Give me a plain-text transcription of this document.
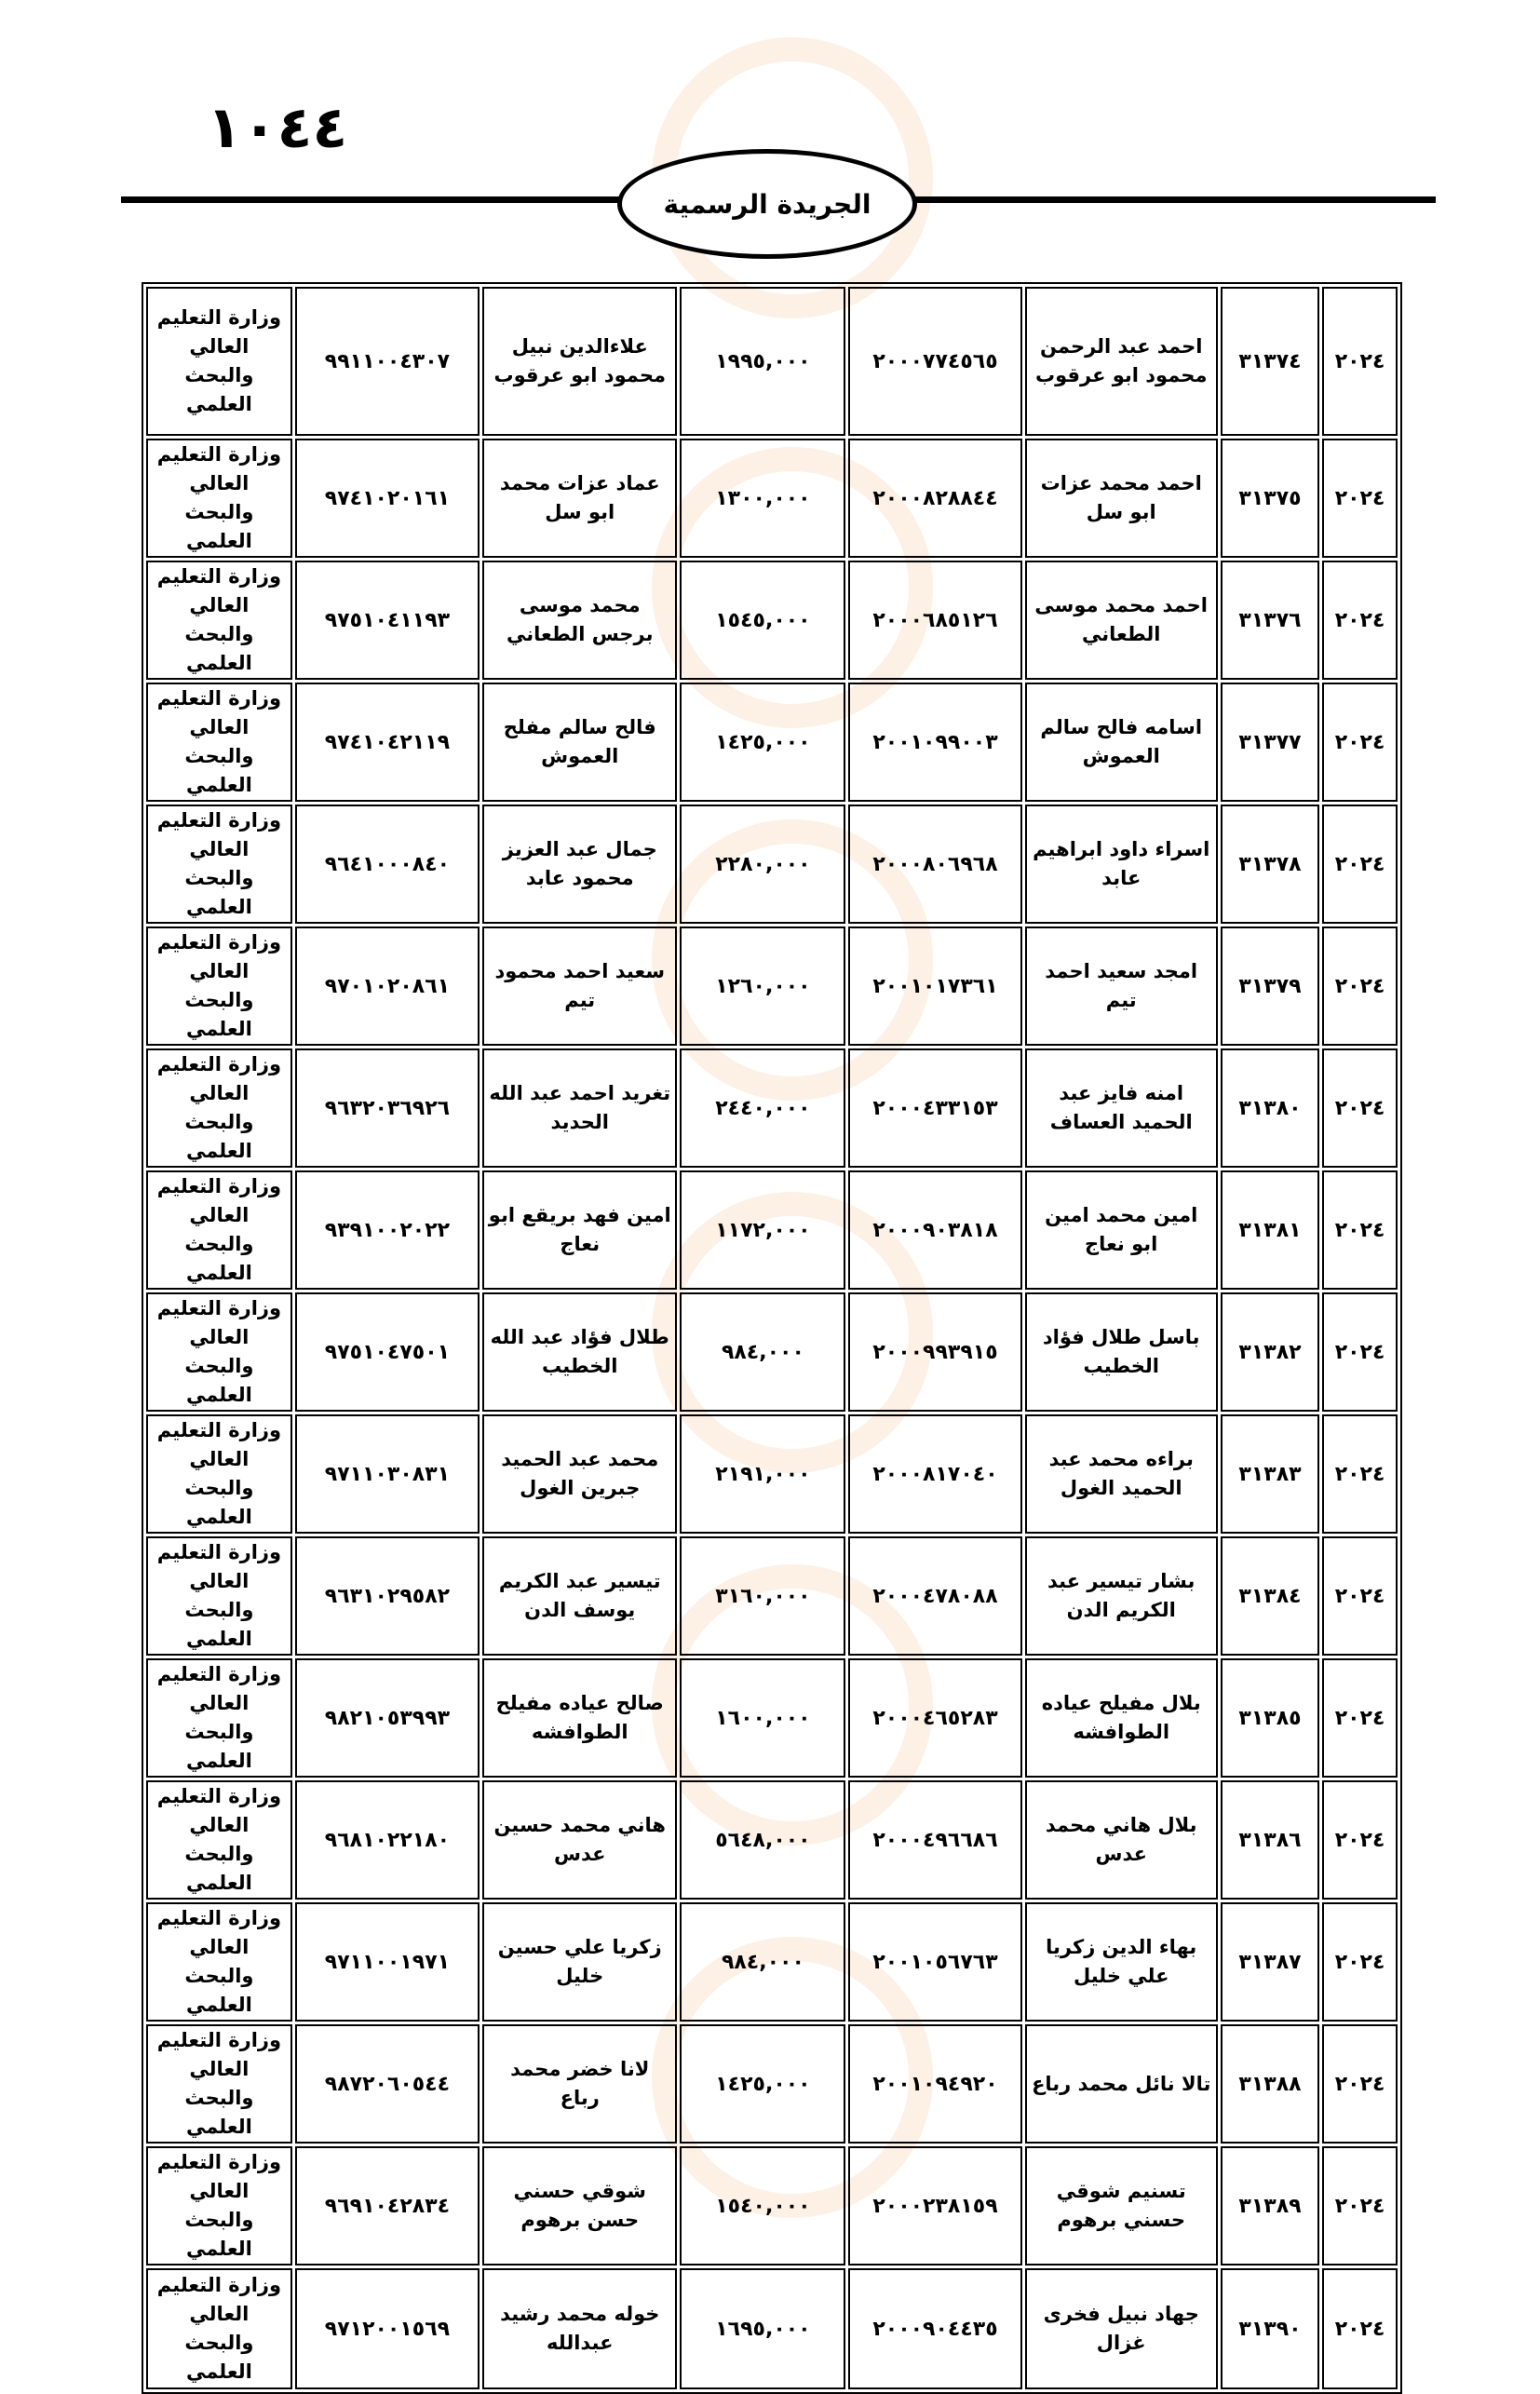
١٠٤٤
الجريدة الرسمية
٢٠٢٤	٣١٣٧٤	احمد عبد الرحمن محمود ابو عرقوب	٢٠٠٠٧٧٤٥٦٥	١٩٩٥,٠٠٠	علاءالدين نبيل محمود ابو عرقوب	٩٩١١٠٠٤٣٠٧	وزارة التعليم العالي والبحث العلمي
٢٠٢٤	٣١٣٧٥	احمد محمد عزات ابو سل	٢٠٠٠٨٢٨٨٤٤	١٣٠٠,٠٠٠	عماد عزات محمد ابو سل	٩٧٤١٠٢٠١٦١	وزارة التعليم العالي والبحث العلمي
٢٠٢٤	٣١٣٧٦	احمد محمد موسى الطعاني	٢٠٠٠٦٨٥١٢٦	١٥٤٥,٠٠٠	محمد موسى برجس الطعاني	٩٧٥١٠٤١١٩٣	وزارة التعليم العالي والبحث العلمي
٢٠٢٤	٣١٣٧٧	اسامه فالح سالم العموش	٢٠٠١٠٩٩٠٠٣	١٤٢٥,٠٠٠	فالح سالم مفلح العموش	٩٧٤١٠٤٢١١٩	وزارة التعليم العالي والبحث العلمي
٢٠٢٤	٣١٣٧٨	اسراء داود ابراهيم عابد	٢٠٠٠٨٠٦٩٦٨	٢٢٨٠,٠٠٠	جمال عبد العزيز محمود عابد	٩٦٤١٠٠٠٨٤٠	وزارة التعليم العالي والبحث العلمي
٢٠٢٤	٣١٣٧٩	امجد سعيد احمد تيم	٢٠٠١٠١٧٣٦١	١٢٦٠,٠٠٠	سعيد احمد محمود تيم	٩٧٠١٠٢٠٨٦١	وزارة التعليم العالي والبحث العلمي
٢٠٢٤	٣١٣٨٠	امنه فايز عبد الحميد العساف	٢٠٠٠٤٣٣١٥٣	٢٤٤٠,٠٠٠	تغريد احمد عبد الله الحديد	٩٦٣٢٠٣٦٩٢٦	وزارة التعليم العالي والبحث العلمي
٢٠٢٤	٣١٣٨١	امين محمد امين ابو نعاج	٢٠٠٠٩٠٣٨١٨	١١٧٢,٠٠٠	امين فهد بريقع ابو نعاج	٩٣٩١٠٠٢٠٢٢	وزارة التعليم العالي والبحث العلمي
٢٠٢٤	٣١٣٨٢	باسل طلال فؤاد الخطيب	٢٠٠٠٩٩٣٩١٥	٩٨٤,٠٠٠	طلال فؤاد عبد الله الخطيب	٩٧٥١٠٤٧٥٠١	وزارة التعليم العالي والبحث العلمي
٢٠٢٤	٣١٣٨٣	براءه محمد عبد الحميد الغول	٢٠٠٠٨١٧٠٤٠	٢١٩١,٠٠٠	محمد عبد الحميد جبرين الغول	٩٧١١٠٣٠٨٣١	وزارة التعليم العالي والبحث العلمي
٢٠٢٤	٣١٣٨٤	بشار تيسير عبد الكريم الدن	٢٠٠٠٤٧٨٠٨٨	٣١٦٠,٠٠٠	تيسير عبد الكريم يوسف الدن	٩٦٣١٠٢٩٥٨٢	وزارة التعليم العالي والبحث العلمي
٢٠٢٤	٣١٣٨٥	بلال مفيلح عياده الطوافشه	٢٠٠٠٤٦٥٢٨٣	١٦٠٠,٠٠٠	صالح عياده مفيلح الطوافشه	٩٨٢١٠٥٣٩٩٣	وزارة التعليم العالي والبحث العلمي
٢٠٢٤	٣١٣٨٦	بلال هاني محمد عدس	٢٠٠٠٤٩٦٦٨٦	٥٦٤٨,٠٠٠	هاني محمد حسين عدس	٩٦٨١٠٢٢١٨٠	وزارة التعليم العالي والبحث العلمي
٢٠٢٤	٣١٣٨٧	بهاء الدين زكريا علي خليل	٢٠٠١٠٥٦٧٦٣	٩٨٤,٠٠٠	زكريا علي حسين خليل	٩٧١١٠٠١٩٧١	وزارة التعليم العالي والبحث العلمي
٢٠٢٤	٣١٣٨٨	تالا نائل محمد رباع	٢٠٠١٠٩٤٩٢٠	١٤٢٥,٠٠٠	لانا خضر محمد رباع	٩٨٧٢٠٦٠٥٤٤	وزارة التعليم العالي والبحث العلمي
٢٠٢٤	٣١٣٨٩	تسنيم شوقي حسني برهوم	٢٠٠٠٢٣٨١٥٩	١٥٤٠,٠٠٠	شوقي حسني حسن برهوم	٩٦٩١٠٤٢٨٣٤	وزارة التعليم العالي والبحث العلمي
٢٠٢٤	٣١٣٩٠	جهاد نبيل فخرى غزال	٢٠٠٠٩٠٤٤٣٥	١٦٩٥,٠٠٠	خوله محمد رشيد عبدالله	٩٧١٢٠٠١٥٦٩	وزارة التعليم العالي والبحث العلمي
